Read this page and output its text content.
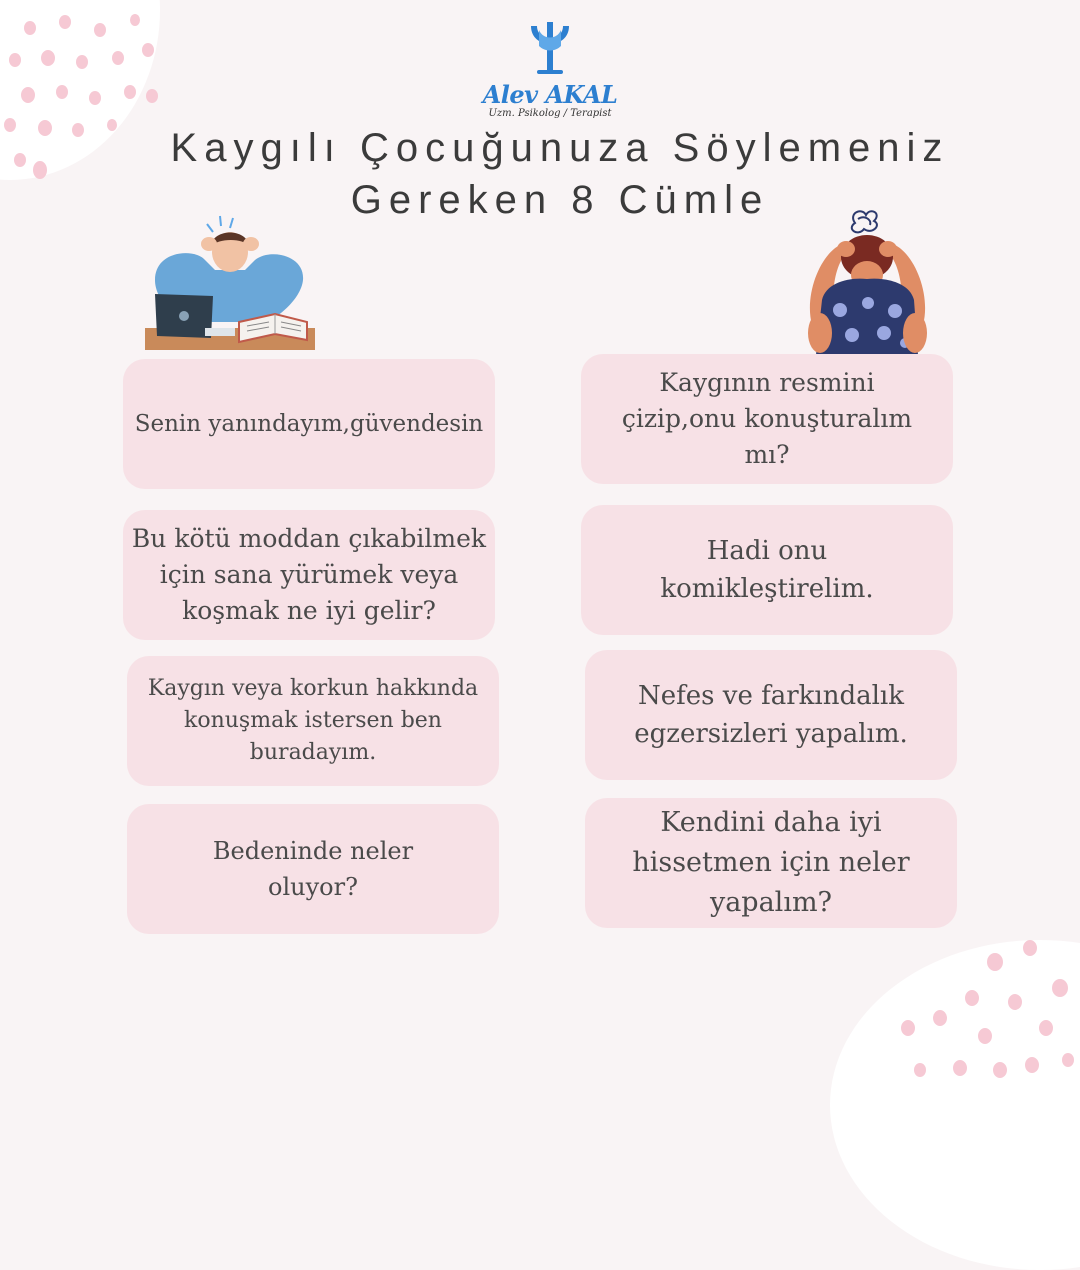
Alev AKAL
Uzm. Psikolog / Terapist
Kaygılı Çocuğunuza Söylemeniz
Gereken 8 Cümle
Senin yanındayım,güvendesin
Kaygının resmini çizip,onu konuşturalım mı?
Bu kötü moddan çıkabilmek için sana yürümek veya koşmak ne iyi gelir?
Hadi onu komikleştirelim.
Kaygın veya korkun hakkında konuşmak istersen ben buradayım.
Nefes ve farkındalık egzersizleri yapalım.
Bedeninde neler oluyor?
Kendini daha iyi hissetmen için neler yapalım?
